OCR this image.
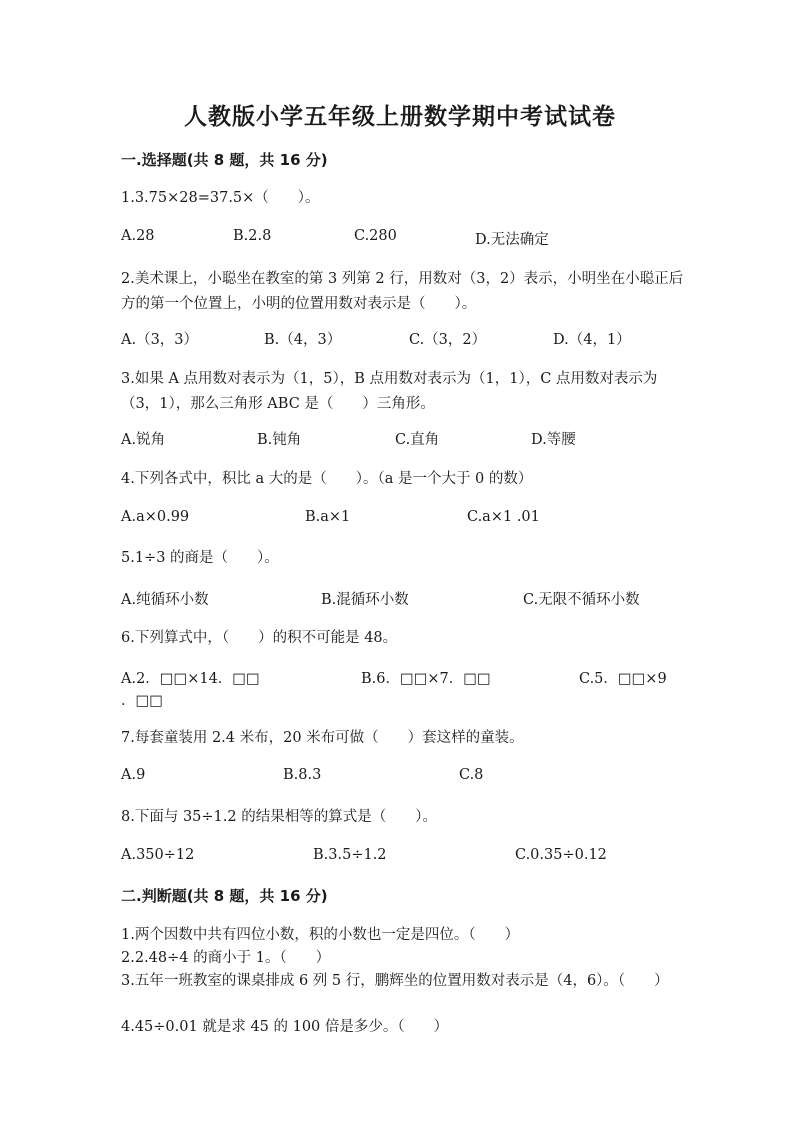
人教版小学五年级上册数学期中考试试卷
一.选择题(共 8 题，共 16 分)
1.3.75×28=37.5×（　　）。
A.28	B.2.8	C.280	D.无法确定
2.美术课上，小聪坐在教室的第 3 列第 2 行，用数对（3，2）表示，小明坐在小聪正后方的第一个位置上，小明的位置用数对表示是（　　）。
A.（3，3）	B.（4，3）	C.（3，2）	D.（4，1）
3.如果 A 点用数对表示为（1，5），B 点用数对表示为（1，1），C 点用数对表示为（3，1），那么三角形 ABC 是（　　）三角形。
A.锐角	B.钝角	C.直角	D.等腰
4.下列各式中，积比 a 大的是（　　）。（a 是一个大于 0 的数）
A.a×0.99	B.a×1	C.a×1 .01
5.1÷3 的商是（　　）。
A.纯循环小数	B.混循环小数	C.无限不循环小数
6.下列算式中，（　　）的积不可能是 48。
A.2．□□×14．□□	B.6．□□×7．□□	C.5．□□×9
．□□
7.每套童装用 2.4 米布，20 米布可做（　　）套这样的童装。
A.9	B.8.3	C.8
8.下面与 35÷1.2 的结果相等的算式是（　　）。
A.350÷12	B.3.5÷1.2	C.0.35÷0.12
二.判断题(共 8 题，共 16 分)
1.两个因数中共有四位小数，积的小数也一定是四位。（　　）
2.2.48÷4 的商小于 1。（　　）
3.五年一班教室的课桌排成 6 列 5 行，鹏辉坐的位置用数对表示是（4，6）。（　　）
4.45÷0.01 就是求 45 的 100 倍是多少。（　　）
